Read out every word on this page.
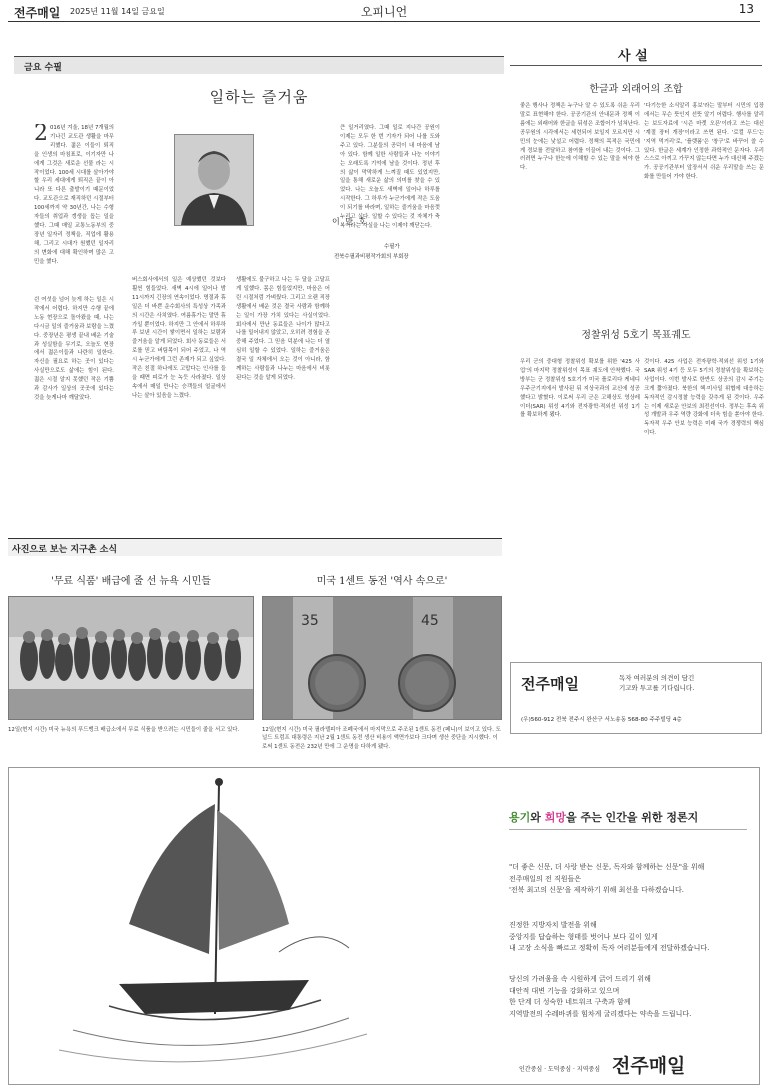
전주매일 2025년 11월 14일 금요일	오피니언	13
금요 수필
일하는 즐거움
이 만 호
수필가
전북수필과비평작가회의 부회장
2 016년 겨울, 18년 7개월의 기나긴 교도관 생활을 마무리했다. 젊은 이들이 퇴직을 인생의 마침표로, 이기자만 나에게 그것은 새로운 선물 라는 시작이었다. 100세 시대를 살아가야 할 우리 세대에게 퇴직은 끝이 아니라 또 다른 출발이기 때문이었다. 교도관으로 재직하던 시절부터 100세까지 약 30년간, 나는 수형자들의 취업과 갱생을 돕는 일을 했다. 그때 매일 교통노동부의 중장년 일자리 정책을, 직업에 활용해, 그리고 시대가 원했던 일자리의 변화에 대해 확인하며 많은 고민을 했다.
쉰 여섯을 넘어 늦게 하는 일은 시작에서 어렵다. 하지만 수행 끝에 노동 현장으로 돌아왔을 때, 나는 다시금 일의 즐거움과 보람을 느꼈다. 중장년은 평생 끝내 배운 기술과 성실함을 무기로, 오늘도 현장에서 젊은이들과 나란히 일한다. 자신을 필요로 하는 곳이 있다는 사실만으로도 삶에는 힘이 된다. 젊은 시절 알지 못했던 작은 기쁨과 감사가 일상의 곳곳에 있다는 것을 늦게나마 깨달았다.
버스회사에서의 일은 예상했던 것보다 훨씬 힘들었다. 새벽 4시에 일어나 밤 11시까지 긴장의 연속이었다. 명절과 휴일은 더 바쁜 운수회사의 특성상 가족과의 시간은 사치였다. 여름휴가는 말만 휴가일 뿐이었다. 하지만 그 안에서 하루하루 보낸 시간이 쌓이면서 일하는 보람과 즐거움을 알게 되었다. 회사 동료들은 서로를 믿고 버팀목이 되어 주었고, 나 역시 누군가에게 그런 존재가 되고 싶었다. 작은 친절 하나에도 고맙다는 인사를 들을 때면 피로가 눈 녹듯 사라졌다. 일상 속에서 매일 만나는 승객들의 얼굴에서 나는 살아 있음을 느꼈다.
생활에도 불구하고 나는 두 달을 고달프게 일했다. 몸은 힘들었지만, 마음은 어린 시절처럼 가벼웠다. 그리고 오랜 직장 생활에서 배운 것은 결국 사람과 함께하는 일이 가장 가치 있다는 사실이었다. 회사에서 만난 동료들은 나이가 많다고 나를 밀어내지 않았고, 오히려 경험을 존중해 주었다. 그 믿음 덕분에 나는 더 열심히 일할 수 있었다. 일하는 즐거움은 결국 일 자체에서 오는 것이 아니라, 함께하는 사람들과 나누는 마음에서 비롯된다는 것을 알게 되었다.
큰 일거리였다. 그때 일로 지나간 공원이 이제는 모두 한 번 기자가 되어 나를 도와주고 있다. 그분들의 공덕이 내 마음에 남아 있다. 함께 일한 사람들과 나눈 이야기는 오래도록 기억에 남을 것이다. 정년 후의 삶이 막막하게 느껴질 때도 있었지만, 일을 통해 새로운 삶의 의미를 찾을 수 있었다. 나는 오늘도 새벽에 일어나 하루를 시작한다. 그 하루가 누군가에게 작은 도움이 되기를 바라며, 일하는 즐거움을 마음껏 누리고 싶다. 일할 수 있다는 것 자체가 축복이라는 사실을 나는 이제야 깨닫는다.
사 설
한글과 외래어의 조합
좋은 행사나 정책은 누구나 알 수 있도록 쉬운 우리말로 표현해야 한다. 공공기관의 안내문과 정책 이름에는 외래어와 한글을 뒤섞은 조합어가 넘쳐난다. 공무원의 시각에서는 세련되어 보일지 모르지만 시민의 눈에는 낯설고 어렵다. 정책의 목적은 국민에게 정보를 전달하고 참여를 이끌어 내는 것이다. 그러려면 누구나 한눈에 이해할 수 있는 말을 써야 한다.
'다기능한 소식알리 홍보'라는 말부터 시민의 입장에서는 무슨 뜻인지 선뜻 알기 어렵다. 행사를 알리는 보도자료에 '시즌 마켓 오픈'이라고 쓰는 대신 '계절 장터 개장'이라고 쓰면 된다. '로컬 푸드'는 '지역 먹거리'로, '플랫폼'은 '창구'로 바꾸어 쓸 수 있다. 한글은 세계가 인정한 과학적인 문자다. 우리 스스로 아끼고 가꾸지 않는다면 누가 대신해 주겠는가. 공공기관부터 앞장서서 쉬운 우리말을 쓰는 문화를 만들어 가야 한다.
정찰위성 5호기 목표궤도
우리 군의 중대형 정찰위성 확보를 위한 '425 사업'의 마지막 정찰위성이 목표 궤도에 안착했다. 국방부는 군 정찰위성 5호기가 미국 플로리다 케네디 우주군기지에서 발사된 뒤 지상국과의 교신에 성공했다고 밝혔다. 이로써 우리 군은 고해상도 영상레이더(SAR) 위성 4기와 전자광학·적외선 위성 1기를 확보하게 됐다.
것이다. 425 사업은 전자광학·적외선 위성 1기와 SAR 위성 4기 등 모두 5기의 정찰위성을 확보하는 사업이다. 이번 발사로 한반도 상공의 감시 주기는 크게 짧아졌다. 북한의 핵·미사일 위협에 대응하는 독자적인 감시정찰 능력을 갖추게 된 것이다. 우주는 이제 새로운 안보의 최전선이다. 정부는 후속 위성 개발과 우주 역량 강화에 더욱 힘을 쏟아야 한다. 독자적 우주 안보 능력은 미래 국가 경쟁력의 핵심이다.
사진으로 보는 지구촌 소식
'무료 식품' 배급에 줄 선 뉴욕 시민들
12일(현지 시간) 미국 뉴욕의 푸드뱅크 배급소에서 무료 식품을 받으려는 시민들이 줄을 서고 있다.
미국 1센트 동전 '역사 속으로'
35	45
12일(현지 시간) 미국 필라델피아 조폐국에서 마지막으로 주조된 1센트 동전 (페니)이 보이고 있다. 도널드 트럼프 대통령은 지난 2월 1센트 동전 생산 비용이 액면가보다 크다며 생산 중단을 지시했다. 이로써 1센트 동전은 232년 만에 그 운명을 다하게 됐다.
전주매일	독자 여러분의 의견이 담긴
기고와 투고를 기다립니다.
(우)560-912 전북 전주시 완산구 서노송동 568-80 주주빌딩 4층
용기와 희망을 주는 인간을 위한 정론지
"더 좋은 신문, 더 사랑 받는 신문, 독자와 함께하는 신문"을 위해
전주매일의 전 직원들은
'전북 최고의 신문'을 제작하기 위해 최선을 다하겠습니다.
진정한 지방자치 발전을 위해
중앙지를 답습하는 형태를 벗어나 보다 깊이 있게
내 고장 소식을 빠르고 정확히 독자 여러분들에게 전달하겠습니다.
당신의 가려움을 속 시원하게 긁어 드리기 위해
대안적 대변 기능을 강화하고 있으며
한 단계 더 성숙한 네트워크 구축과 함께
지역발전의 수레바퀴를 힘차게 굴리겠다는 약속을 드립니다.
인간중심 · 도덕중심 · 지역중심 전주매일
